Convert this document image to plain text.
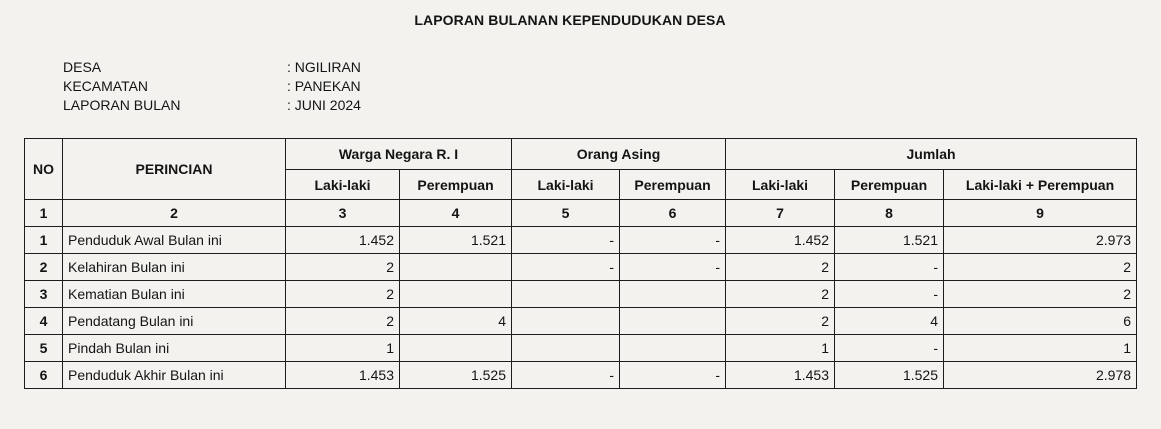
LAPORAN BULANAN KEPENDUDUKAN DESA
DESA	: NGILIRAN
KECAMATAN	: PANEKAN
LAPORAN BULAN	: JUNI 2024
NO	PERINCIAN	Warga Negara R. I		Orang Asing		Jumlah		
		Laki-laki	Perempuan	Laki-laki	Perempuan	Laki-laki	Perempuan	Laki-laki + Perempuan
1	2	3	4	5	6	7	8	9
1	Penduduk Awal Bulan ini	1.452	1.521	-	-	1.452	1.521	2.973
2	Kelahiran Bulan ini	2		-	-	2	-	2
3	Kematian Bulan ini	2				2	-	2
4	Pendatang Bulan ini	2	4			2	4	6
5	Pindah Bulan ini	1				1	-	1
6	Penduduk Akhir Bulan ini	1.453	1.525	-	-	1.453	1.525	2.978
